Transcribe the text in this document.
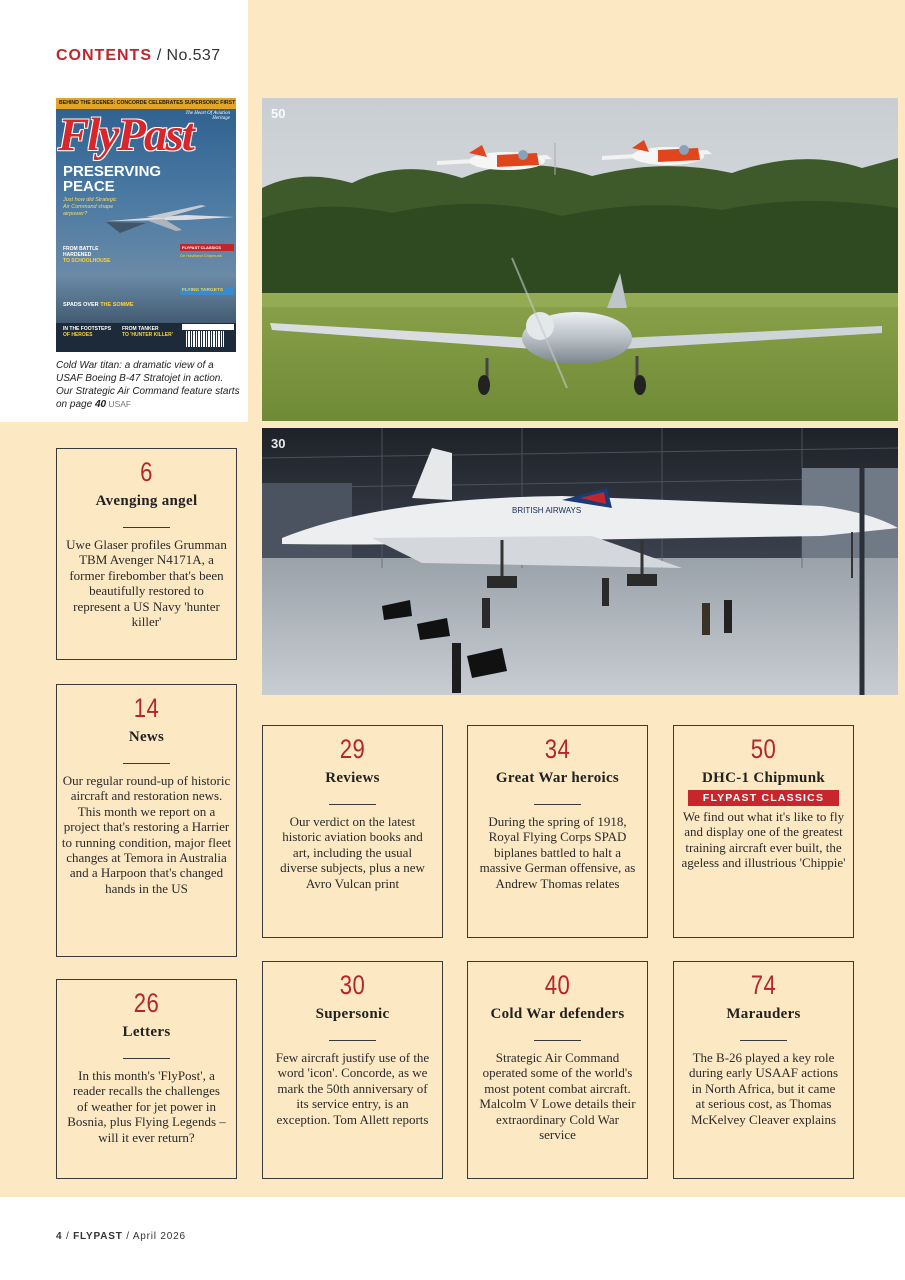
CONTENTS / No.537
BEHIND THE SCENES: CONCORDE CELEBRATES SUPERSONIC FIRST
The Heart Of Aviation Heritage
FlyPast
PRESERVING
PEACE
Just how did Strategic Air Command shape airpower?
FROM BATTLE
HARDENED
TO SCHOOLHOUSE
FLYPAST CLASSICS
De Havilland Chipmunk
FLYING TARGETS
SPADS OVER THE SOMME
IN THE FOOTSTEPS
OF HEROES
FROM TANKER
TO 'HUNTER KILLER'
Cold War titan: a dramatic view of a USAF Boeing B-47 Stratojet in action. Our Strategic Air Command feature starts on page 40 USAF
50
BRITISH AIRWAYS
30
6
Avenging angel
Uwe Glaser profiles Grumman TBM Avenger N4171A, a former firebomber that's been beautifully restored to represent a US Navy 'hunter killer'
14
News
Our regular round-up of historic aircraft and restoration news. This month we report on a project that's restoring a Harrier to running condition, major fleet changes at Temora in Australia and a Harpoon that's changed hands in the US
26
Letters
In this month's 'FlyPost', a reader recalls the challenges of weather for jet power in Bosnia, plus Flying Legends – will it ever return?
29
Reviews
Our verdict on the latest historic aviation books and art, including the usual diverse subjects, plus a new Avro Vulcan print
34
Great War heroics
During the spring of 1918, Royal Flying Corps SPAD biplanes battled to halt a massive German offensive, as Andrew Thomas relates
50
DHC-1 Chipmunk
FLYPAST CLASSICS
We find out what it's like to fly and display one of the greatest training aircraft ever built, the ageless and illustrious 'Chippie'
30
Supersonic
Few aircraft justify use of the word 'icon'. Concorde, as we mark the 50th anniversary of its service entry, is an exception. Tom Allett reports
40
Cold War defenders
Strategic Air Command operated some of the world's most potent combat aircraft. Malcolm V Lowe details their extraordinary Cold War service
74
Marauders
The B-26 played a key role during early USAAF actions in North Africa, but it came at serious cost, as Thomas McKelvey Cleaver explains
4 / FLYPAST / April 2026
